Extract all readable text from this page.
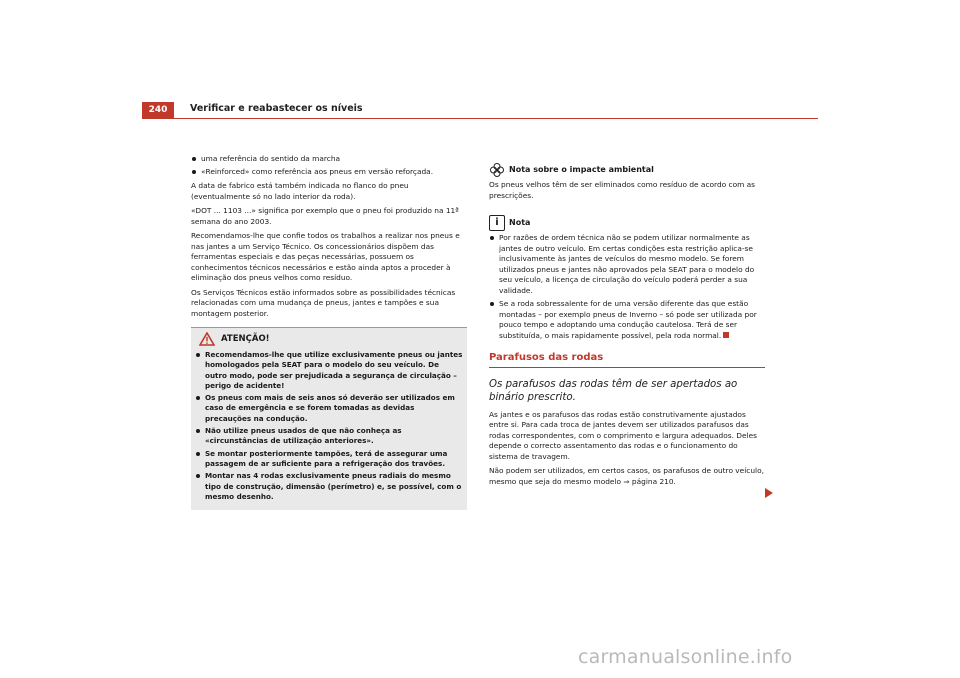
240	Verificar e reabastecer os níveis
uma referência do sentido da marcha
«Reinforced» como referência aos pneus em versão reforçada.

A data de fabrico está também indicada no flanco do pneu (eventualmente só no lado interior da roda).

«DOT ... 1103 ...» significa por exemplo que o pneu foi produzido na 11ª semana do ano 2003.

Recomendamos-lhe que confie todos os trabalhos a realizar nos pneus e nas jantes a um Serviço Técnico. Os concessionários dispõem das ferramentas especiais e das peças necessárias, possuem os conhecimentos técnicos necessários e estão ainda aptos a proceder à eliminação dos pneus velhos como resíduo.

Os Serviços Técnicos estão informados sobre as possibilidades técnicas relacionadas com uma mudança de pneus, jantes e tampões e sua montagem posterior.

ATENÇÃO!
Recomendamos-lhe que utilize exclusivamente pneus ou jantes homologados pela SEAT para o modelo do seu veículo. De outro modo, pode ser prejudicada a segurança de circulação – perigo de acidente!
Os pneus com mais de seis anos só deverão ser utilizados em caso de emergência e se forem tomadas as devidas precauções na condução.
Não utilize pneus usados de que não conheça as «circunstâncias de utilização anteriores».
Se montar posteriormente tampões, terá de assegurar uma passagem de ar suficiente para a refrigeração dos travões.
Montar nas 4 rodas exclusivamente pneus radiais do mesmo tipo de construção, dimensão (perímetro) e, se possível, com o mesmo desenho.
Nota sobre o impacte ambiental

Os pneus velhos têm de ser eliminados como resíduo de acordo com as prescrições.

i	Nota
Por razões de ordem técnica não se podem utilizar normalmente as jantes de outro veículo. Em certas condições esta restrição aplica-se inclusivamente às jantes de veículos do mesmo modelo. Se forem utilizados pneus e jantes não aprovados pela SEAT para o modelo do seu veículo, a licença de circulação do veículo poderá perder a sua validade.
Se a roda sobressalente for de uma versão diferente das que estão montadas – por exemplo pneus de Inverno – só pode ser utilizada por pouco tempo e adoptando uma condução cautelosa. Terá de ser substituída, o mais rapidamente possível, pela roda normal.
Parafusos das rodas
Os parafusos das rodas têm de ser apertados ao binário prescrito.

As jantes e os parafusos das rodas estão construtivamente ajustados entre si. Para cada troca de jantes devem ser utilizados parafusos das rodas correspondentes, com o comprimento e largura adequados. Deles depende o correcto assentamento das rodas e o funcionamento do sistema de travagem.

Não podem ser utilizados, em certos casos, os parafusos de outro veículo, mesmo que seja do mesmo modelo ⇒ página 210.

carmanualsonline.info
